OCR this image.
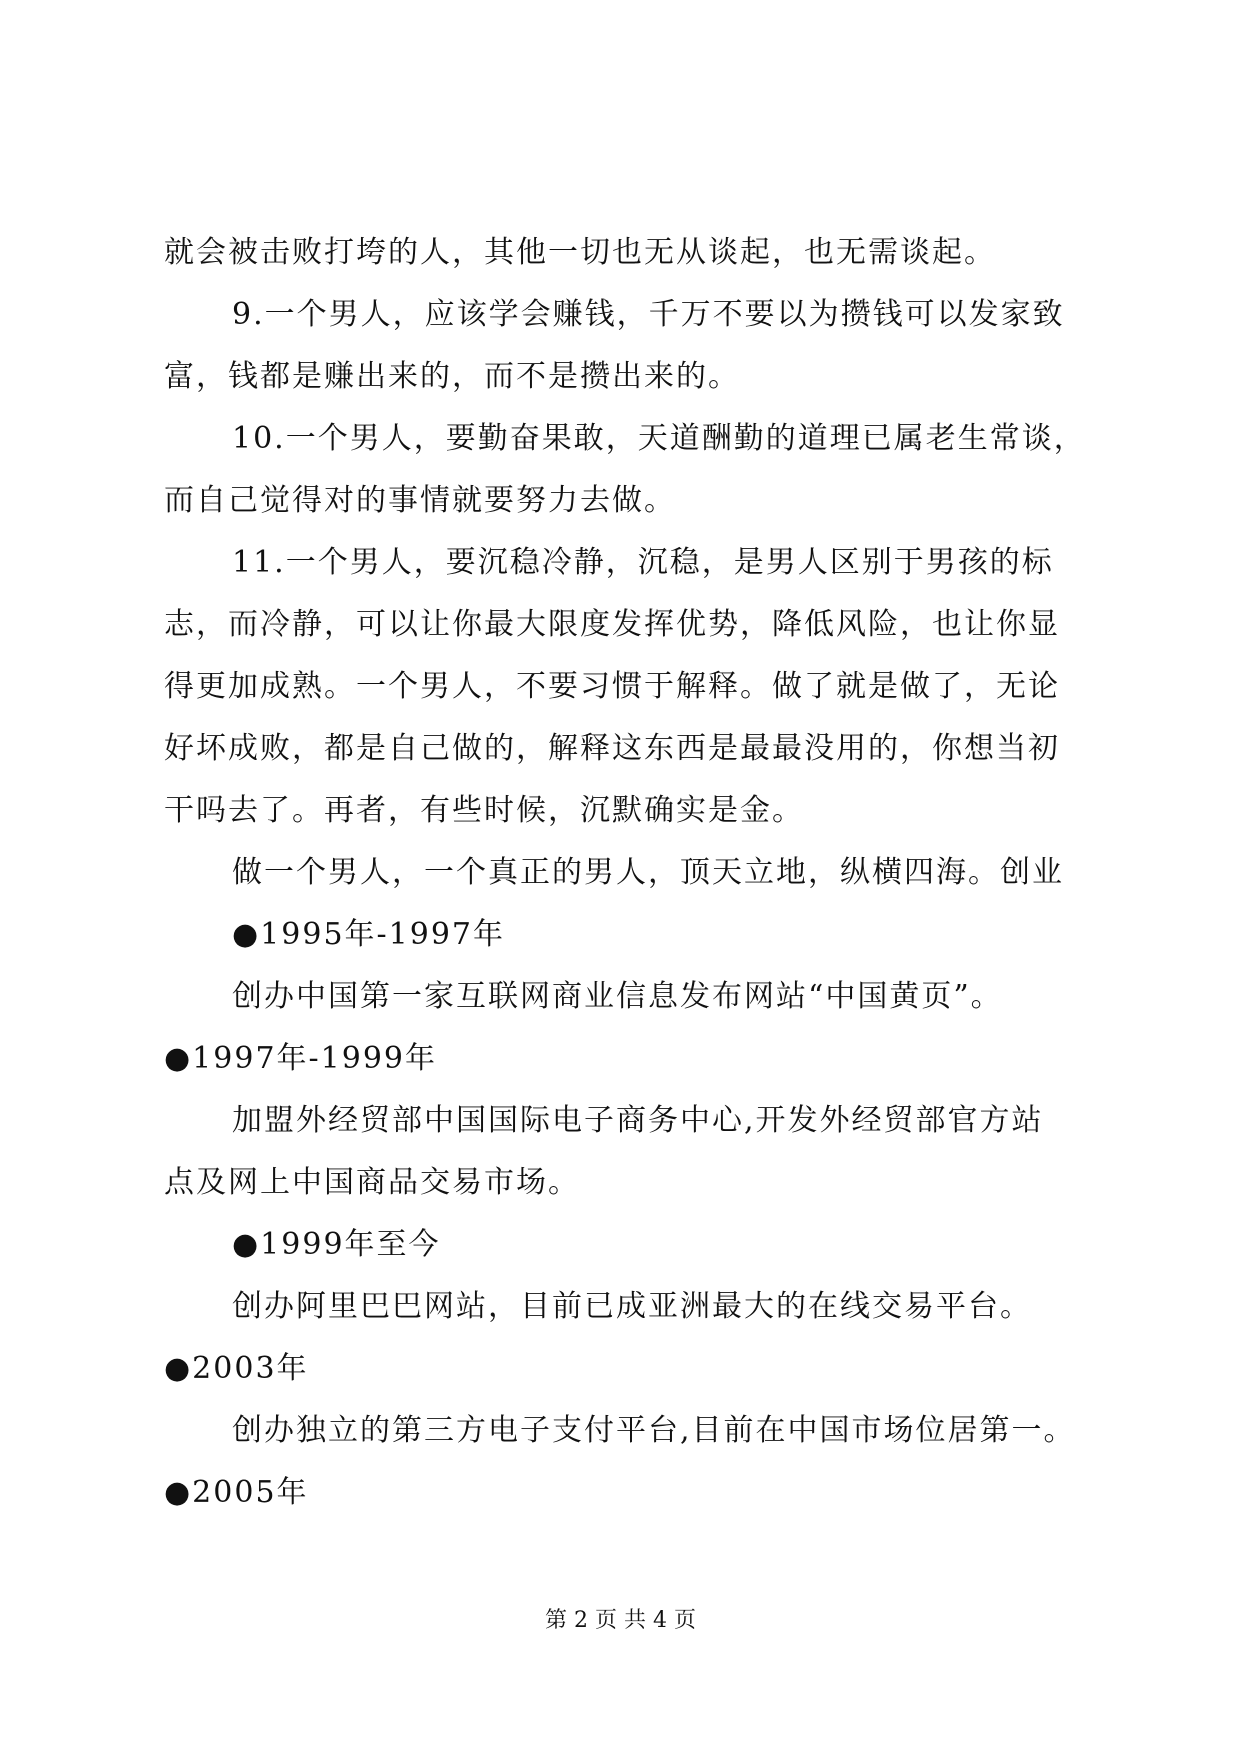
就会被击败打垮的人，其他一切也无从谈起，也无需谈起。
9.一个男人，应该学会赚钱，千万不要以为攒钱可以发家致
富，钱都是赚出来的，而不是攒出来的。
10.一个男人，要勤奋果敢，天道酬勤的道理已属老生常谈，
而自己觉得对的事情就要努力去做。
11.一个男人，要沉稳冷静，沉稳，是男人区别于男孩的标
志，而冷静，可以让你最大限度发挥优势，降低风险，也让你显
得更加成熟。一个男人，不要习惯于解释。做了就是做了，无论
好坏成败，都是自己做的，解释这东西是最最没用的，你想当初
干吗去了。再者，有些时候，沉默确实是金。
做一个男人，一个真正的男人，顶天立地，纵横四海。创业
●1995年-1997年
创办中国第一家互联网商业信息发布网站“中国黄页”。
●1997年-1999年
加盟外经贸部中国国际电子商务中心,开发外经贸部官方站
点及网上中国商品交易市场。
●1999年至今
创办阿里巴巴网站，目前已成亚洲最大的在线交易平台。
●2003年
创办独立的第三方电子支付平台,目前在中国市场位居第一。
●2005年
第 2 页 共 4 页
